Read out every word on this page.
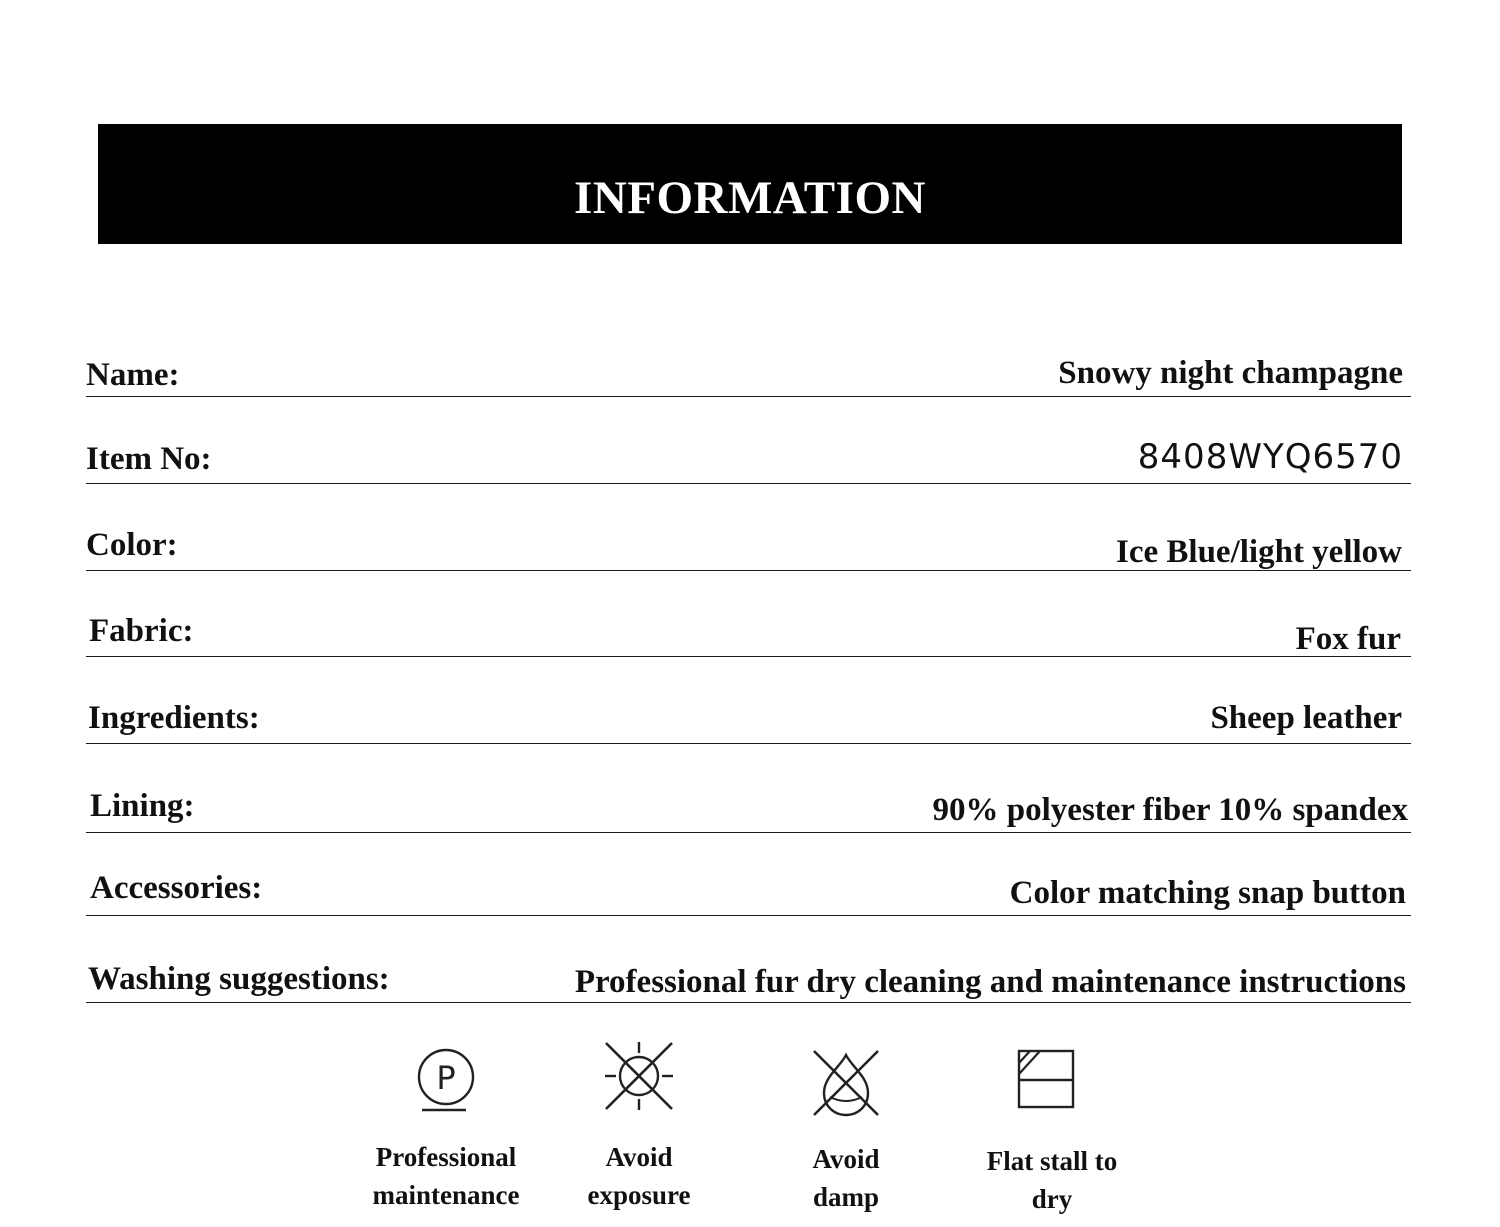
INFORMATION
Name:	Snowy night champagne
Item No:	8408WYQ6570
Color:	Ice Blue/light yellow
Fabric:	Fox fur
Ingredients:	Sheep leather
Lining:	90% polyester fiber 10% spandex
Accessories:	Color matching snap button
Washing suggestions:	Professional fur dry cleaning and maintenance instructions
P
Professional
maintenance
Avoid
exposure
Avoid
damp
Flat stall to
dry
